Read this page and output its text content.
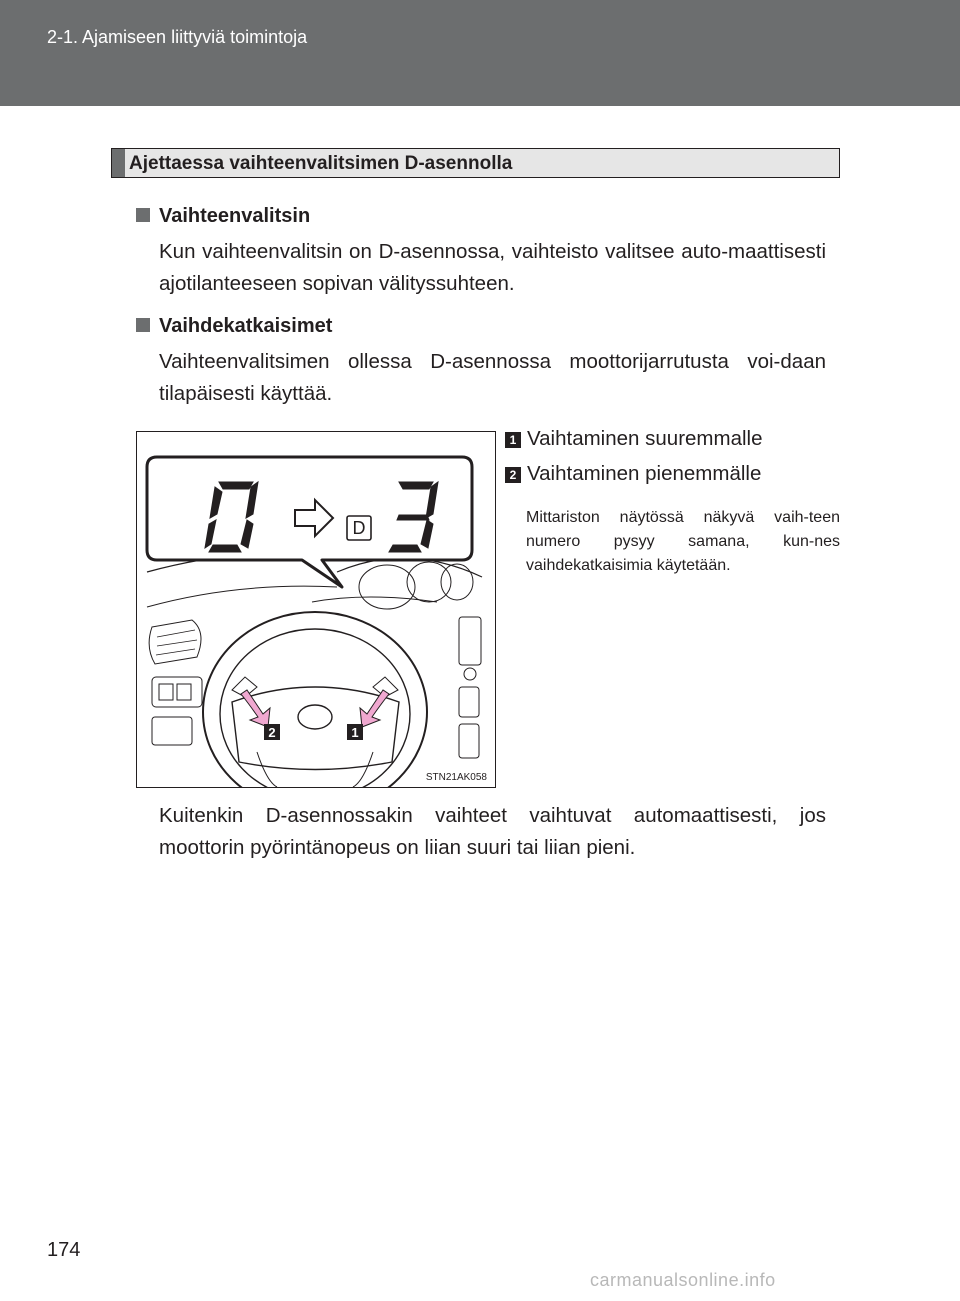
2-1. Ajamiseen liittyviä toimintoja
Ajettaessa vaihteenvalitsimen D-asennolla
Vaihteenvalitsin
Kun vaihteenvalitsin on D-asennossa, vaihteisto valitsee auto-maattisesti ajotilanteeseen sopivan välityssuhteen.
Vaihdekatkaisimet
Vaihteenvalitsimen ollessa D-asennossa moottorijarrutusta voi-daan tilapäisesti käyttää.
2	1
D
STN21AK058
1 Vaihtaminen suuremmalle
2 Vaihtaminen pienemmälle
Mittariston näytössä näkyvä vaih-teen numero pysyy samana, kun-nes vaihdekatkaisimia käytetään.
Kuitenkin D-asennossakin vaihteet vaihtuvat automaattisesti, jos moottorin pyörintänopeus on liian suuri tai liian pieni.
174
carmanualsonline.info
